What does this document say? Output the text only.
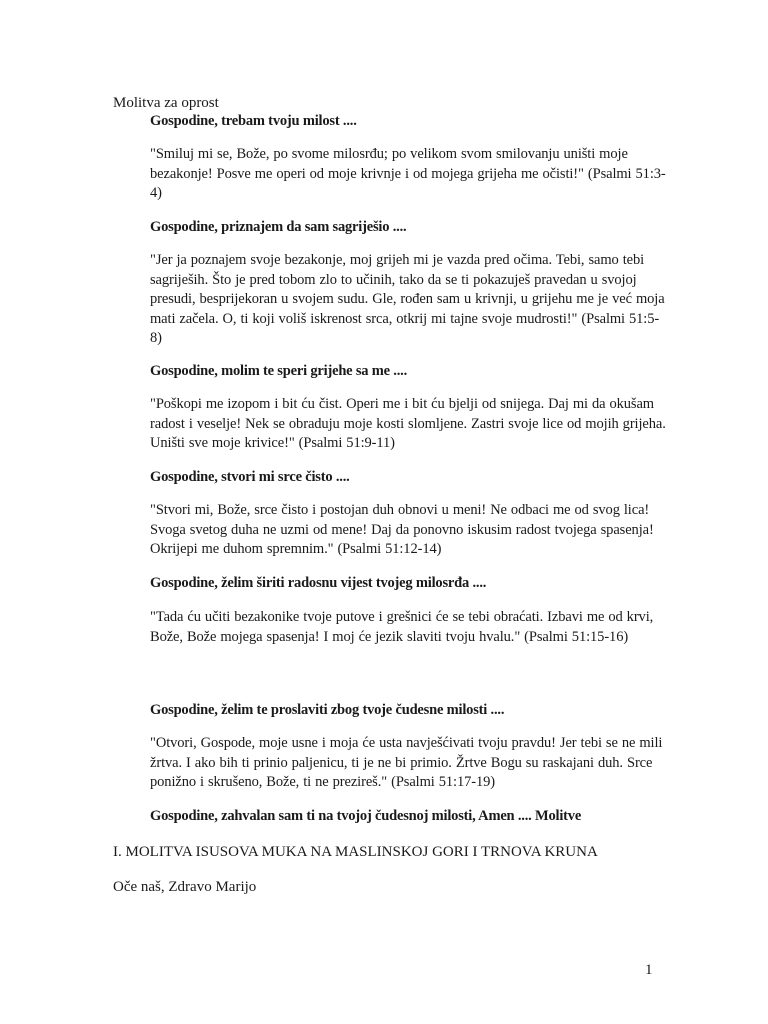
Molitva za oprost

Gospodine, trebam tvoju milost ....

"Smiluj mi se, Bože, po svome milosrđu; po velikom svom smilovanju uništi moje bezakonje! Posve me operi od moje krivnje i od mojega grijeha me očisti!" (Psalmi 51:3-4)

Gospodine, priznajem da sam sagriješio ....

"Jer ja poznajem svoje bezakonje, moj grijeh mi je vazda pred očima. Tebi, samo tebi sagriješih. Što je pred tobom zlo to učinih, tako da se ti pokazuješ pravedan u svojoj presudi, besprijekoran u svojem sudu. Gle, rođen sam u krivnji, u grijehu me je već moja mati začela. O, ti koji voliš iskrenost srca, otkrij mi tajne svoje mudrosti!" (Psalmi 51:5-8)

Gospodine, molim te speri grijehe sa me ....

"Poškopi me izopom i bit ću čist. Operi me i bit ću bjelji od snijega. Daj mi da okušam radost i veselje! Nek se obraduju moje kosti slomljene. Zastri svoje lice od mojih grijeha. Uništi sve moje krivice!" (Psalmi 51:9-11)

Gospodine, stvori mi srce čisto ....

"Stvori mi, Bože, srce čisto i postojan duh obnovi u meni! Ne odbaci me od svog lica! Svoga svetog duha ne uzmi od mene! Daj da ponovno iskusim radost tvojega spasenja! Okrijepi me duhom spremnim." (Psalmi 51:12-14)

Gospodine, želim širiti radosnu vijest tvojeg milosrđa ....

"Tada ću učiti bezakonike tvoje putove i grešnici će se tebi obraćati. Izbavi me od krvi, Bože, Bože mojega spasenja! I moj će jezik slaviti tvoju hvalu." (Psalmi 51:15-16)

Gospodine, želim te proslaviti zbog tvoje čudesne milosti ....

"Otvori, Gospode, moje usne i moja će usta navješćivati tvoju pravdu! Jer tebi se ne mili žrtva. I ako bih ti prinio paljenicu, ti je ne bi primio. Žrtve Bogu su raskajani duh. Srce ponižno i skrušeno, Bože, ti ne prezireš." (Psalmi 51:17-19)

Gospodine, zahvalan sam ti na tvojoj čudesnoj milosti, Amen .... Molitve

I. MOLITVA ISUSOVA MUKA NA MASLINSKOJ GORI I TRNOVA KRUNA

Oče naš, Zdravo Marijo

1
